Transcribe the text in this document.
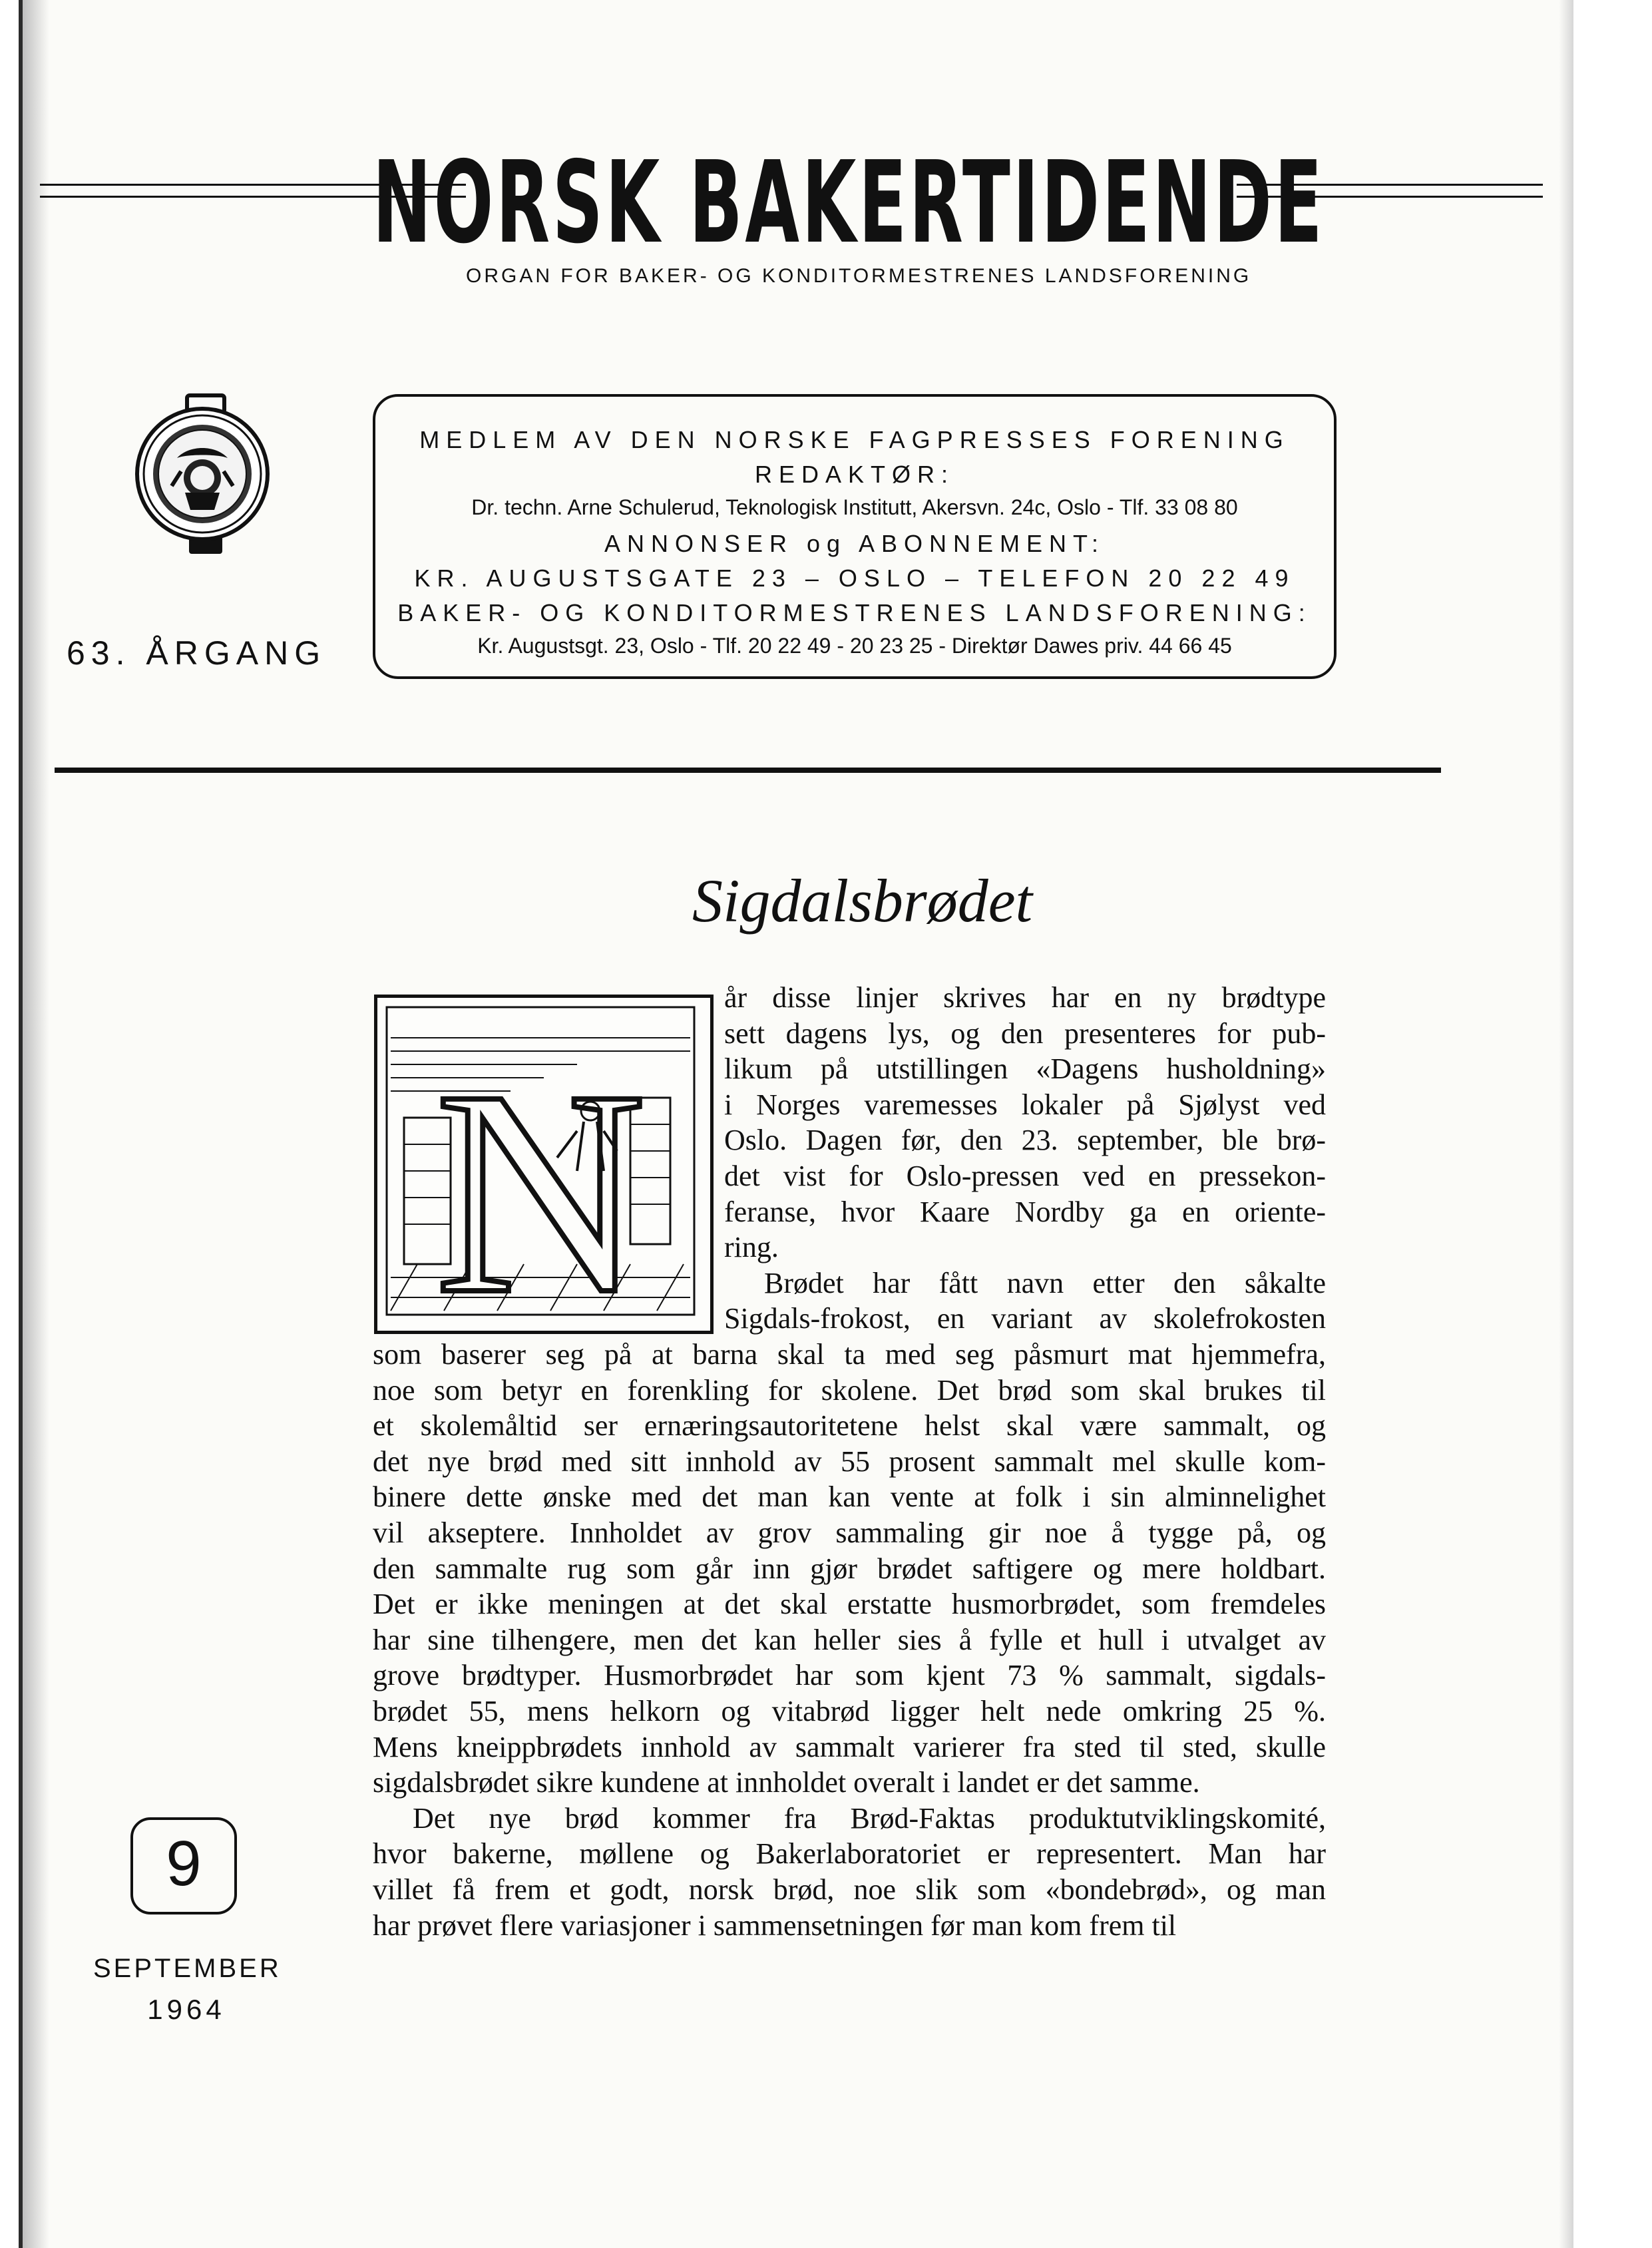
NORSK BAKERTIDENDE
ORGAN FOR BAKER- OG KONDITORMESTRENES LANDSFORENING
63. ÅRGANG
MEDLEM AV DEN NORSKE FAGPRESSES FORENING
REDAKTØR:
Dr. techn. Arne Schulerud, Teknologisk Institutt, Akersvn. 24c, Oslo - Tlf. 33 08 80
ANNONSER og ABONNEMENT:
KR. AUGUSTSGATE 23 – OSLO – TELEFON 20 22 49
BAKER- OG KONDITORMESTRENES LANDSFORENING:
Kr. Augustsgt. 23, Oslo - Tlf. 20 22 49 - 20 23 25 - Direktør Dawes priv. 44 66 45
Sigdalsbrødet
N
år disse linjer skrives har en ny brødtype
sett dagens lys, og den presenteres for pub-
likum på utstillingen «Dagens husholdning»
i Norges varemesses lokaler på Sjølyst ved
Oslo. Dagen før, den 23. september, ble brø-
det vist for Oslo-pressen ved en pressekon-
feranse, hvor Kaare Nordby ga en oriente-
ring.
Brødet har fått navn etter den såkalte
Sigdals-frokost, en variant av skolefrokosten
som baserer seg på at barna skal ta med seg påsmurt mat hjemmefra,
noe som betyr en forenkling for skolene. Det brød som skal brukes til
et skolemåltid ser ernæringsautoritetene helst skal være sammalt, og
det nye brød med sitt innhold av 55 prosent sammalt mel skulle kom-
binere dette ønske med det man kan vente at folk i sin alminnelighet
vil akseptere. Innholdet av grov sammaling gir noe å tygge på, og
den sammalte rug som går inn gjør brødet saftigere og mere holdbart.
Det er ikke meningen at det skal erstatte husmorbrødet, som fremdeles
har sine tilhengere, men det kan heller sies å fylle et hull i utvalget av
grove brødtyper. Husmorbrødet har som kjent 73 % sammalt, sigdals-
brødet 55, mens helkorn og vitabrød ligger helt nede omkring 25 %.
Mens kneippbrødets innhold av sammalt varierer fra sted til sted, skulle
sigdalsbrødet sikre kundene at innholdet overalt i landet er det samme.
Det nye brød kommer fra Brød-Faktas produktutviklingskomité,
hvor bakerne, møllene og Bakerlaboratoriet er representert. Man har
villet få frem et godt, norsk brød, noe slik som «bondebrød», og man
har prøvet flere variasjoner i sammensetningen før man kom frem til
9
SEPTEMBER
1964
